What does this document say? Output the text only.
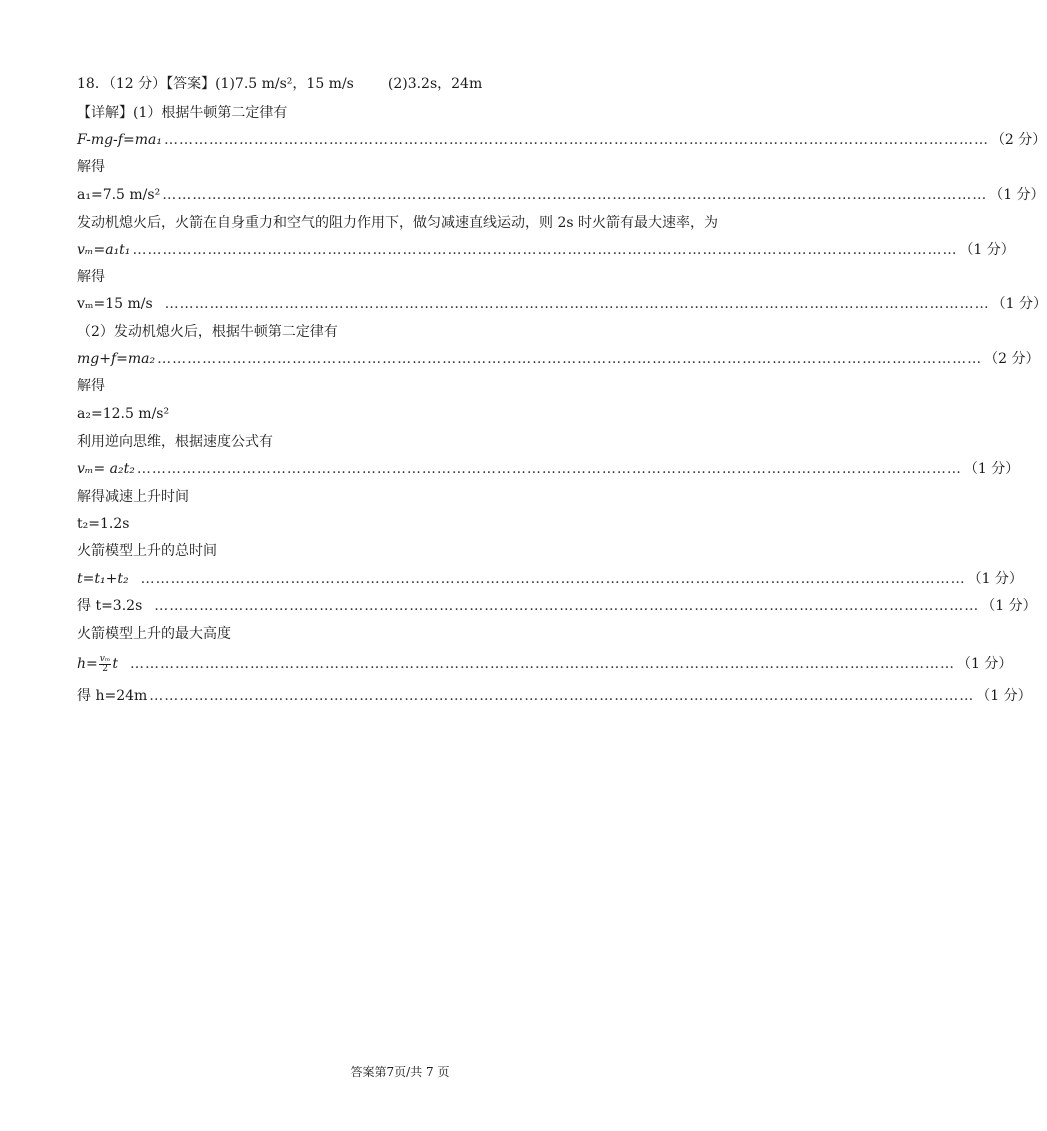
18．（12 分）【答案】(1)7.5 m/s²，15 m/s (2)3.2s，24m
【详解】(1）根据牛顿第二定律有
F-mg-f=ma₁ ………………………………………………………………………………………………………………………………………………… （2 分）
解得
a₁=7.5 m/s² ………………………………………………………………………………………………………………………………………………… （1 分）
发动机熄火后，火箭在自身重力和空气的阻力作用下，做匀减速直线运动，则 2s 时火箭有最大速率，为
vₘ=a₁t₁ ………………………………………………………………………………………………………………………………………………… （1 分）
解得
vₘ=15 m/s ………………………………………………………………………………………………………………………………………………… （1 分）
（2）发动机熄火后，根据牛顿第二定律有
mg+f=ma₂ ………………………………………………………………………………………………………………………………………………… （2 分）
解得
a₂=12.5 m/s²
利用逆向思维，根据速度公式有
vₘ= a₂t₂ ………………………………………………………………………………………………………………………………………………… （1 分）
解得减速上升时间
t₂=1.2s
火箭模型上升的总时间
t=t₁+t₂ ………………………………………………………………………………………………………………………………………………… （1 分）
得 t=3.2s ………………………………………………………………………………………………………………………………………………… （1 分）
火箭模型上升的最大高度
$h= \frac{\text{vₘ}}{2}$ t ………………………………………………………………………………………………………………………………………………… （1 分）
得 h=24m ………………………………………………………………………………………………………………………………………………… （1 分）
答案第7页/共 7 页
